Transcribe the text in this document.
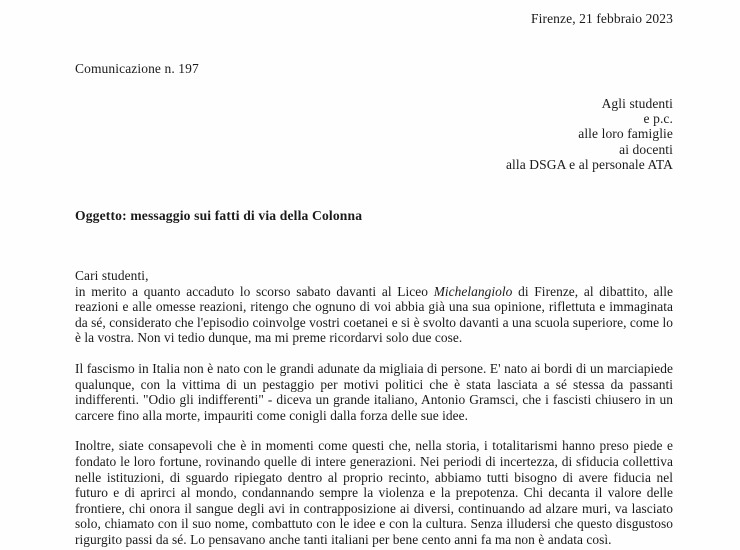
Firenze, 21 febbraio 2023
Comunicazione n. 197
Agli studenti
e p.c.
alle loro famiglie
ai docenti
alla DSGA e al personale ATA
Oggetto: messaggio sui fatti di via della Colonna
Cari studenti,

in merito a quanto accaduto lo scorso sabato davanti al Liceo Michelangiolo di Firenze, al dibattito, alle reazioni e alle omesse reazioni, ritengo che ognuno di voi abbia già una sua opinione, riflettuta e immaginata da sé, considerato che l'episodio coinvolge vostri coetanei e si è svolto davanti a una scuola superiore, come lo è la vostra. Non vi tedio dunque, ma mi preme ricordarvi solo due cose.

Il fascismo in Italia non è nato con le grandi adunate da migliaia di persone. E' nato ai bordi di un marciapiede qualunque, con la vittima di un pestaggio per motivi politici che è stata lasciata a sé stessa da passanti indifferenti. "Odio gli indifferenti" - diceva un grande italiano, Antonio Gramsci, che i fascisti chiusero in un carcere fino alla morte, impauriti come conigli dalla forza delle sue idee.

Inoltre, siate consapevoli che è in momenti come questi che, nella storia, i totalitarismi hanno preso piede e fondato le loro fortune, rovinando quelle di intere generazioni. Nei periodi di incertezza, di sfiducia collettiva nelle istituzioni, di sguardo ripiegato dentro al proprio recinto, abbiamo tutti bisogno di avere fiducia nel futuro e di aprirci al mondo, condannando sempre la violenza e la prepotenza. Chi decanta il valore delle frontiere, chi onora il sangue degli avi in contrapposizione ai diversi, continuando ad alzare muri, va lasciato solo, chiamato con il suo nome, combattuto con le idee e con la cultura. Senza illudersi che questo disgustoso rigurgito passi da sé. Lo pensavano anche tanti italiani per bene cento anni fa ma non è andata così.
